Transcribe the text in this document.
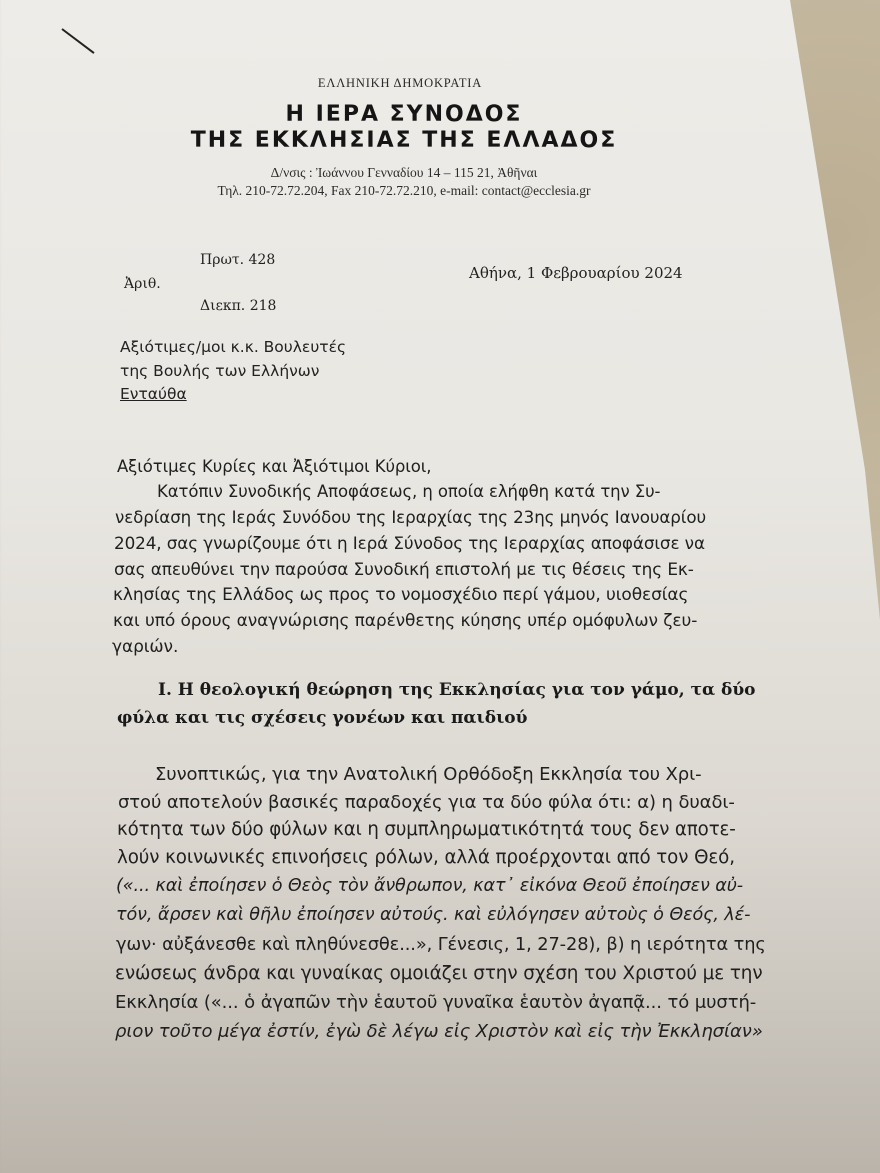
ΕΛΛΗΝΙΚΗ ΔΗΜΟΚΡΑΤΙΑ
Η ΙΕΡΑ ΣΥΝΟΔΟΣ
ΤΗΣ ΕΚΚΛΗΣΙΑΣ ΤΗΣ ΕΛΛΑΔΟΣ
Δ/νσις : Ἰωάννου Γενναδίου 14 – 115 21, Ἀθῆναι
Τηλ. 210-72.72.204, Fax 210-72.72.210, e-mail: contact@ecclesia.gr
Πρωτ. 428
Ἀριθ.
Διεκπ. 218
Αθήνα, 1 Φεβρουαρίου 2024
Αξιότιμες/μοι κ.κ. Βουλευτές
της Βουλής των Ελλήνων
Ενταύθα
Αξιότιμες Κυρίες και Ἀξιότιμοι Κύριοι,
Κατόπιν Συνοδικής Αποφάσεως, η οποία ελήφθη κατά την Συ-
νεδρίαση της Ιεράς Συνόδου της Ιεραρχίας της 23ης μηνός Ιανουαρίου
2024, σας γνωρίζουμε ότι η Ιερά Σύνοδος της Ιεραρχίας αποφάσισε να
σας απευθύνει την παρούσα Συνοδική επιστολή με τις θέσεις της Εκ-
κλησίας της Ελλάδος ως προς το νομοσχέδιο περί γάμου, υιοθεσίας
και υπό όρους αναγνώρισης παρένθετης κύησης υπέρ ομόφυλων ζευ-
γαριών.
Ι. Η θεολογική θεώρηση της Εκκλησίας για τον γάμο, τα δύο
φύλα και τις σχέσεις γονέων και παιδιού
Συνοπτικώς, για την Ανατολική Ορθόδοξη Εκκλησία του Χρι-
στού αποτελούν βασικές παραδοχές για τα δύο φύλα ότι: α) η δυαδι-
κότητα των δύο φύλων και η συμπληρωματικότητά τους δεν αποτε-
λούν κοινωνικές επινοήσεις ρόλων, αλλά προέρχονται από τον Θεό,
(«... καὶ ἐποίησεν ὁ Θεὸς τὸν ἄνθρωπον, κατ᾽ εἰκόνα Θεοῦ ἐποίησεν αὐ-
τόν, ἄρσεν καὶ θῆλυ ἐποίησεν αὐτούς. καὶ εὐλόγησεν αὐτοὺς ὁ Θεός, λέ-
γων· αὐξάνεσθε καὶ πληθύνεσθε...», Γένεσις, 1, 27-28), β) η ιερότητα της
ενώσεως άνδρα και γυναίκας ομοιάζει στην σχέση του Χριστού με την
Εκκλησία («... ὁ ἀγαπῶν τὴν ἑαυτοῦ γυναῖκα ἑαυτὸν ἀγαπᾷ... τό μυστή-
ριον τοῦτο μέγα ἐστίν, ἐγὼ δὲ λέγω εἰς Χριστὸν καὶ εἰς τὴν Ἐκκλησίαν»
